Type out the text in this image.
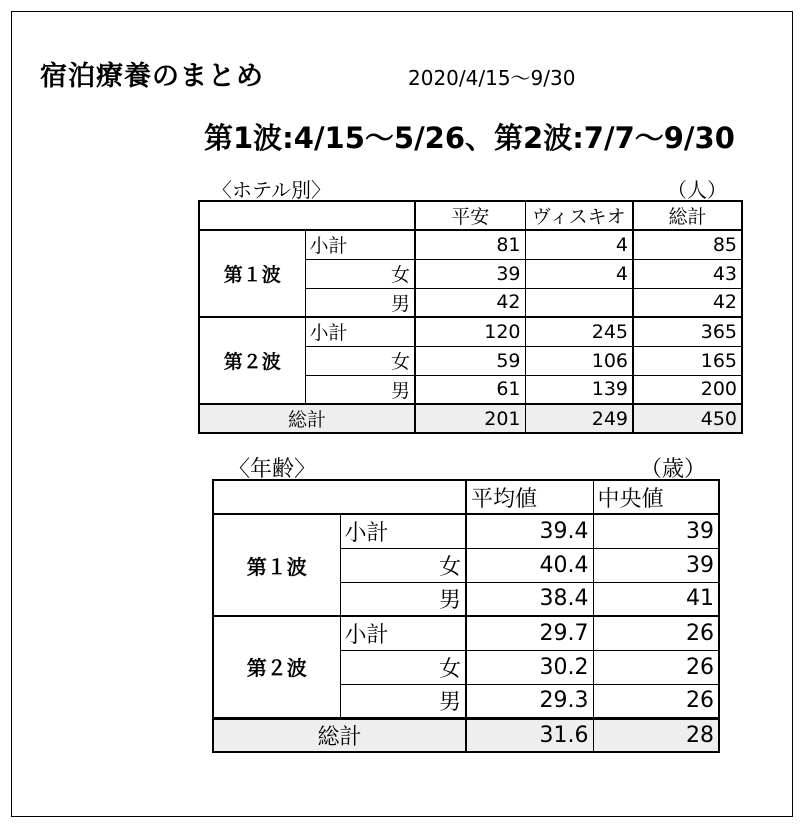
宿泊療養のまとめ	2020/4/15～9/30
第1波:4/15～5/26、第2波:7/7～9/30
〈ホテル別〉	（人）
		平安	ヴィスキオ	総計
第１波	小計	81	4	85
	女	39	4	43
	男	42		42
第２波	小計	120	245	365
	女	59	106	165
	男	61	139	200
総計		201	249	450
〈年齢〉	（歳）
		平均値	中央値
第１波	小計	39.4	39
	女	40.4	39
	男	38.4	41
第２波	小計	29.7	26
	女	30.2	26
	男	29.3	26
総計		31.6	28
